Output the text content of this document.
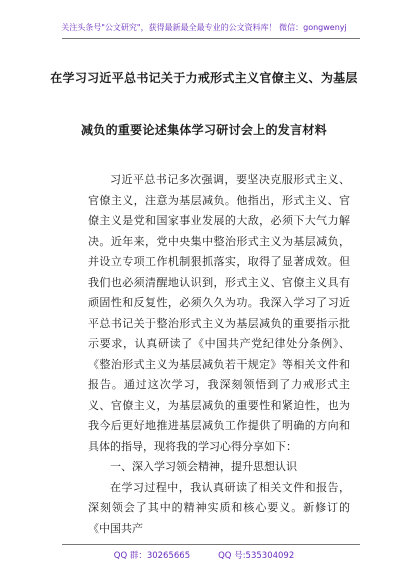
关注头条号"公文研究"，获得最新最全最专业的公文资料库！ 微信：gongwenyj
在学习习近平总书记关于力戒形式主义官僚主义、为基层
减负的重要论述集体学习研讨会上的发言材料

习近平总书记多次强调，要坚决克服形式主义、官僚主义，注意为基层减负。他指出，形式主义、官僚主义是党和国家事业发展的大敌，必须下大气力解决。近年来，党中央集中整治形式主义为基层减负，并设立专项工作机制狠抓落实，取得了显著成效。但我们也必须清醒地认识到，形式主义、官僚主义具有顽固性和反复性，必须久久为功。我深入学习了习近平总书记关于整治形式主义为基层减负的重要指示批示要求，认真研读了《中国共产党纪律处分条例》、《整治形式主义为基层减负若干规定》等相关文件和报告。通过这次学习，我深刻领悟到了力戒形式主义、官僚主义，为基层减负的重要性和紧迫性，也为我今后更好地推进基层减负工作提供了明确的方向和具体的指导，现将我的学习心得分享如下：

一、深入学习领会精神，提升思想认识

在学习过程中，我认真研读了相关文件和报告，深刻领会了其中的精神实质和核心要义。新修订的《中国共产

QQ 群：30265665	QQ 号:535304092
